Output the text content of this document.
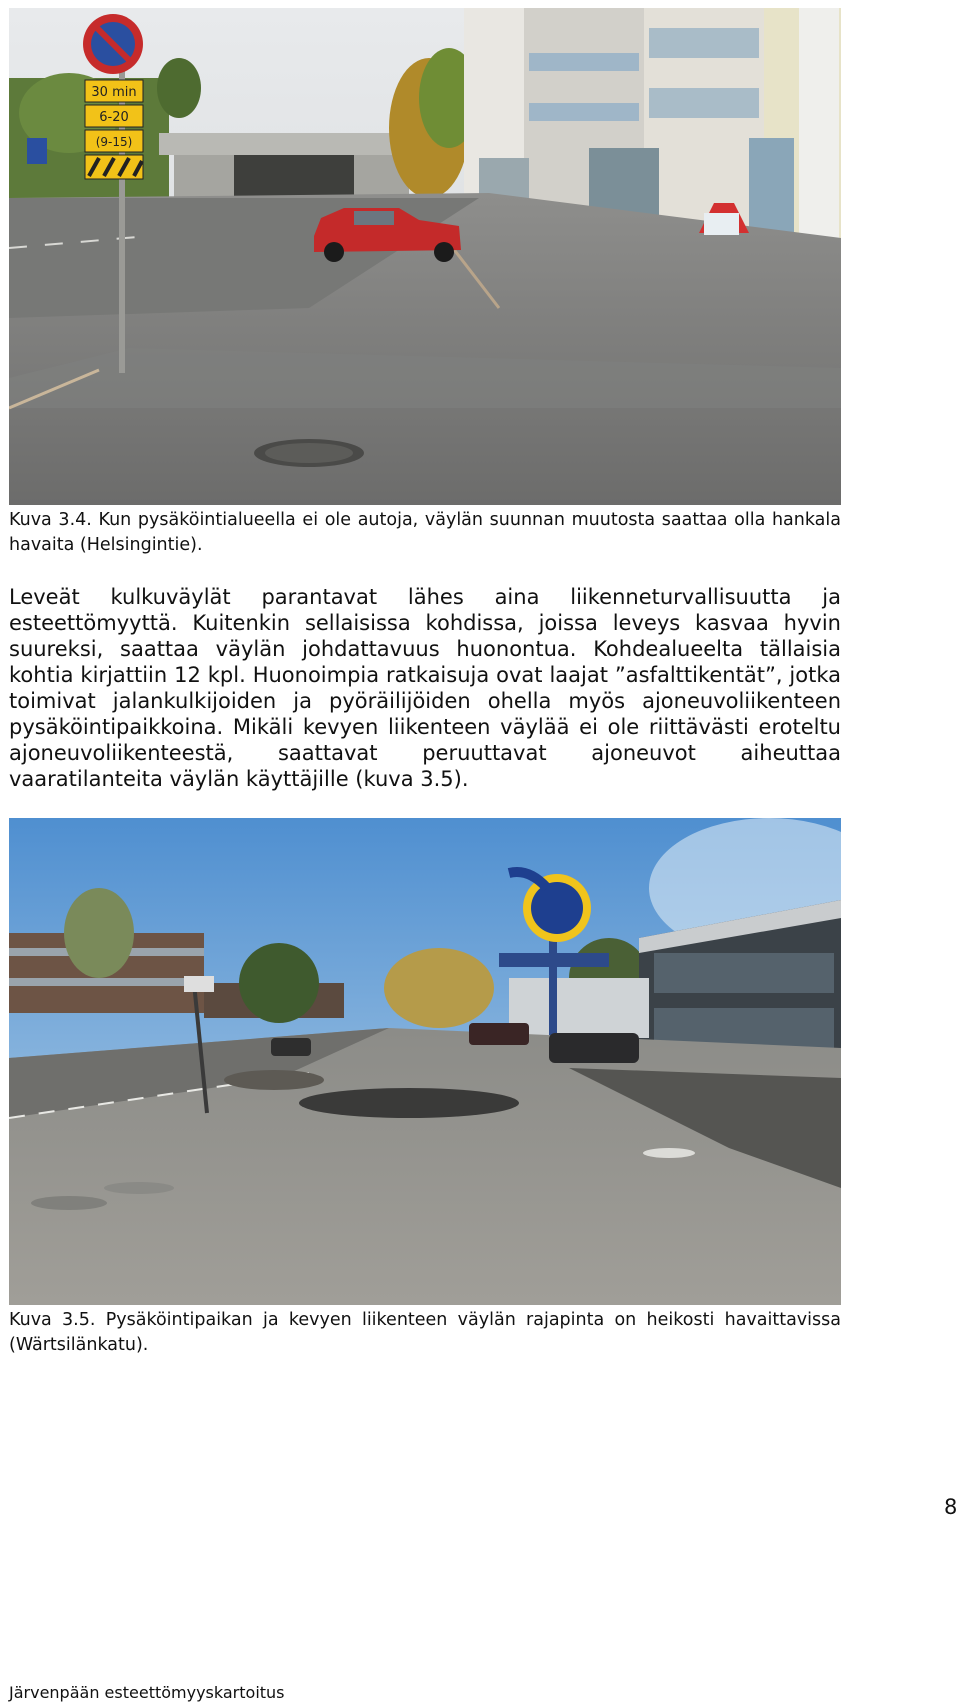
30 min
6-20
(9-15)

Kuva 3.4. Kun pysäköintialueella ei ole autoja, väylän suunnan muutosta saattaa olla hankala havaita (Helsingintie).

Leveät kulkuväylät parantavat lähes aina liikenneturvallisuutta ja esteettömyyttä. Kuitenkin sellaisissa kohdissa, joissa leveys kasvaa hyvin suureksi, saattaa väylän johdattavuus huonontua. Kohdealueelta tällaisia kohtia kirjattiin 12 kpl. Huonoimpia ratkaisuja ovat laajat ”asfalttikentät”, jotka toimivat jalankulkijoiden ja pyöräilijöiden ohella myös ajoneuvoliikenteen pysäköintipaikkoina. Mikäli kevyen liikenteen väylää ei ole riittävästi eroteltu ajoneuvoliikenteestä, saattavat peruuttavat ajoneuvot aiheuttaa vaaratilanteita väylän käyttäjille (kuva 3.5).

Kuva 3.5. Pysäköintipaikan ja kevyen liikenteen väylän rajapinta on heikosti havaittavissa (Wärtsilänkatu).

8
Järvenpään esteettömyyskartoitus
